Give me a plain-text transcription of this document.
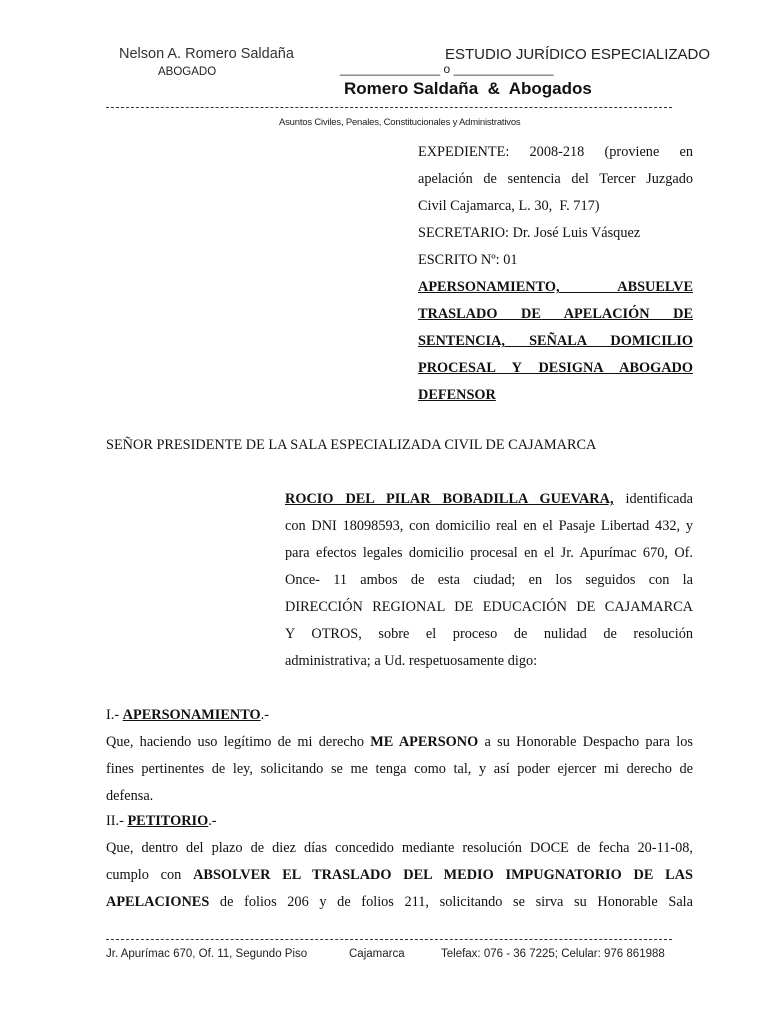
Nelson A. Romero Saldaña
ABOGADO
ESTUDIO JURÍDICO ESPECIALIZADO
_______________ o _______________
Romero Saldaña  &  Abogados
Asuntos Civiles, Penales, Constitucionales y Administrativos
EXPEDIENTE:  2008-218  (proviene  en
apelación de sentencia del Tercer Juzgado
Civil Cajamarca, L. 30,  F. 717)
SECRETARIO: Dr. José Luis Vásquez
ESCRITO Nº: 01
APERSONAMIENTO, ABSUELVE
TRASLADO DE APELACIÓN DE
SENTENCIA, SEÑALA DOMICILIO
PROCESAL Y DESIGNA ABOGADO
DEFENSOR
SEÑOR PRESIDENTE DE LA SALA ESPECIALIZADA CIVIL DE CAJAMARCA
ROCIO DEL PILAR BOBADILLA GUEVARA, identificada
con DNI 18098593, con domicilio real en el Pasaje Libertad 432, y
para efectos legales domicilio procesal en el Jr. Apurímac 670, Of.
Once- 11 ambos de esta ciudad; en los seguidos con la
DIRECCIÓN REGIONAL DE EDUCACIÓN DE CAJAMARCA
Y OTROS, sobre el proceso de nulidad de resolución
administrativa; a Ud. respetuosamente digo:
I.- APERSONAMIENTO.-
Que, haciendo uso legítimo de mi derecho ME APERSONO a su Honorable Despacho para los
fines pertinentes de ley, solicitando se me tenga como tal, y así poder ejercer mi derecho de
defensa.
II.- PETITORIO.-
Que, dentro del plazo de diez días concedido mediante resolución DOCE de fecha 20-11-08,
cumplo con ABSOLVER EL TRASLADO DEL MEDIO IMPUGNATORIO DE LAS
APELACIONES de folios 206 y de folios 211, solicitando se sirva su Honorable Sala
Jr. Apurímac 670, Of. 11, Segundo Piso	Cajamarca	Telefax: 076 - 36 7225; Celular: 976 861988
